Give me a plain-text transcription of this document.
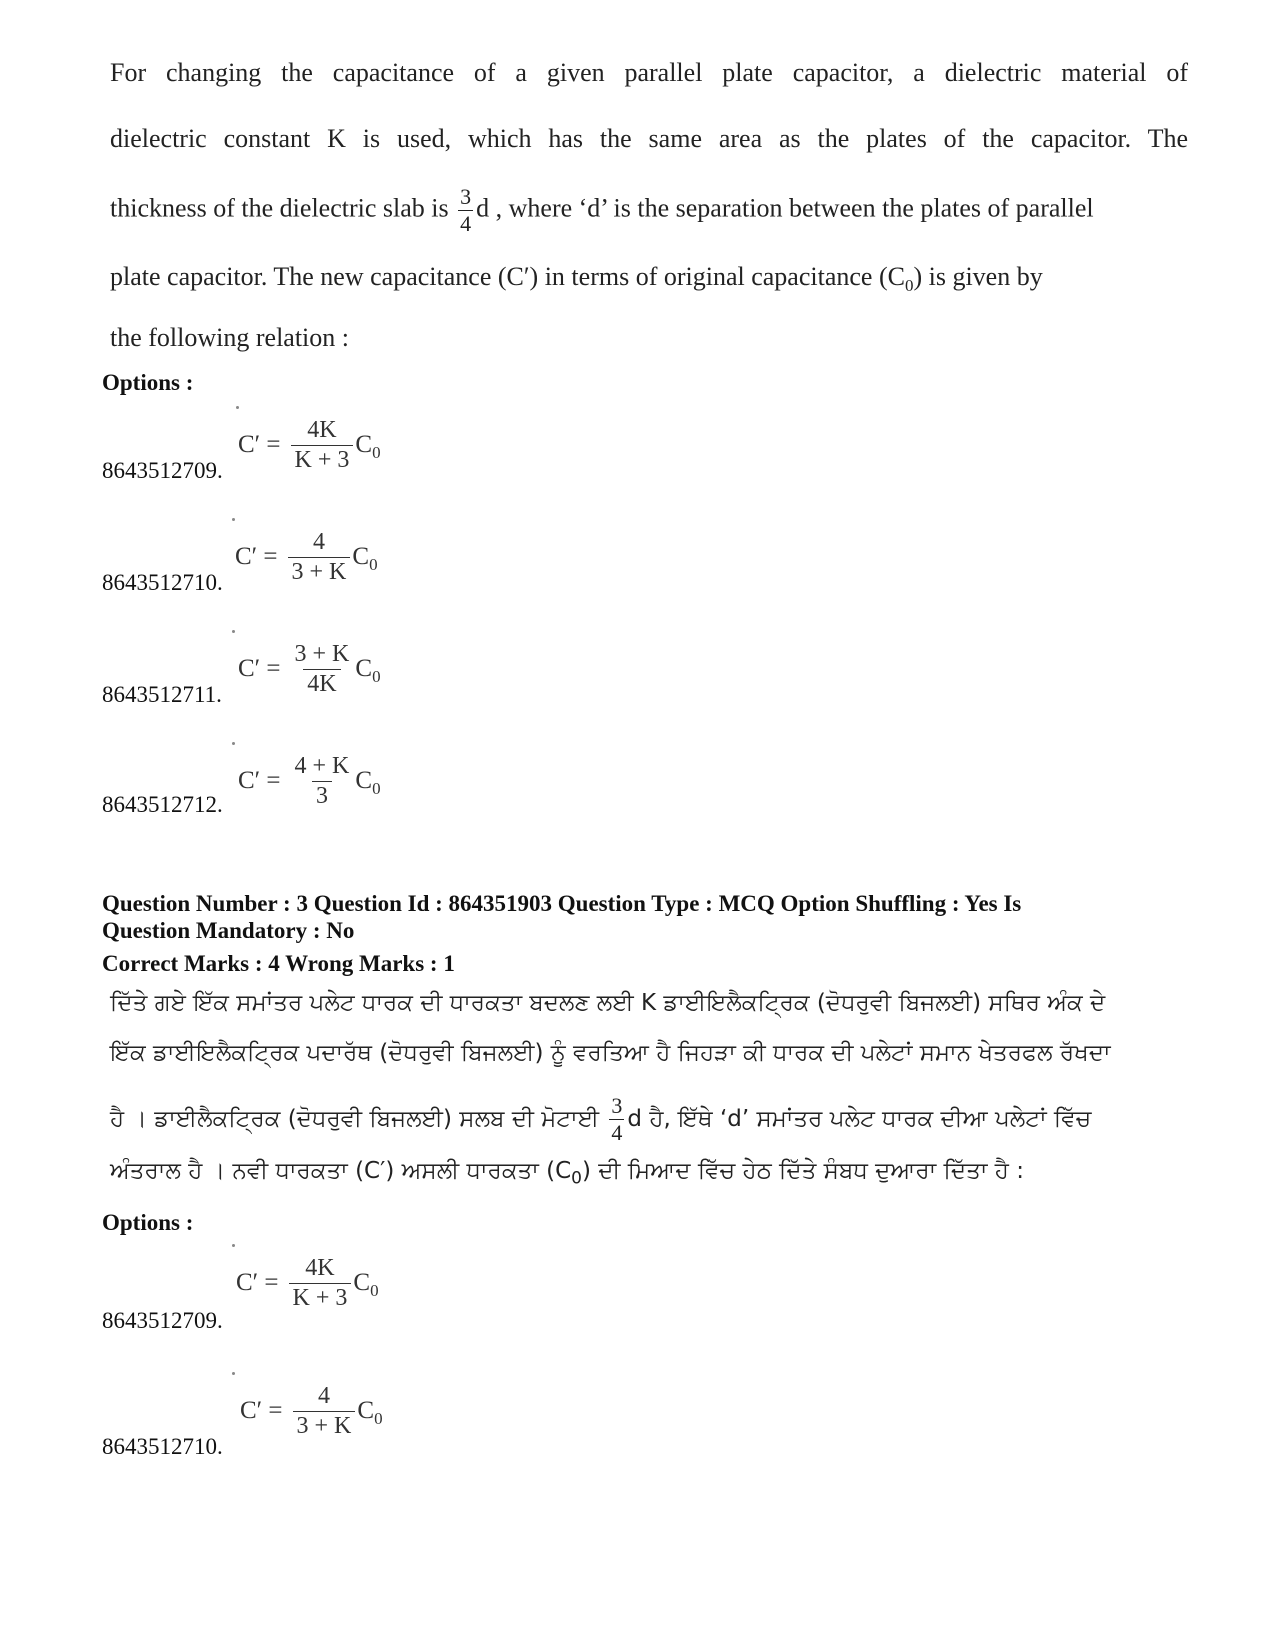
For changing the capacitance of a given parallel plate capacitor, a dielectric material of
dielectric constant K is used, which has the same area as the plates of the capacitor. The
thickness of the dielectric slab is $\frac{3}{4}$ d , where ‘d’ is the separation between the plates of parallel
plate capacitor. The new capacitance (C′) in terms of original capacitance $(C_0)$ is given by
the following relation :
Options :
$C' = \frac{4K}{K + 3} C_0$
8643512709.
$C' = \frac{4}{3 + K} C_0$
8643512710.
$C' = \frac{3 + K}{4K} C_0$
8643512711.
$C' = \frac{4 + K}{3} C_0$
8643512712.
Question Number : 3 Question Id : 864351903 Question Type : MCQ Option Shuffling : Yes Is
Question Mandatory : No
Correct Marks : 4 Wrong Marks : 1
ਦਿੱਤੇ ਗਏ ਇੱਕ ਸਮਾਂਤਰ ਪਲੇਟ ਧਾਰਕ ਦੀ ਧਾਰਕਤਾ ਬਦਲਣ ਲਈ K ਡਾਈਇਲੈਕਟ੍ਰਿਕ (ਦੋਧਰੁਵੀ ਬਿਜਲਈ) ਸਥਿਰ ਅੰਕ ਦੇ
ਇੱਕ ਡਾਈਇਲੈਕਟ੍ਰਿਕ ਪਦਾਰੱਥ (ਦੋਧਰੁਵੀ ਬਿਜਲਈ) ਨੂੰ ਵਰਤਿਆ ਹੈ ਜਿਹੜਾ ਕੀ ਧਾਰਕ ਦੀ ਪਲੇਟਾਂ ਸਮਾਨ ਖੇਤਰਫਲ ਰੱਖਦਾ
ਹੈ । ਡਾਈਲੈਕਟ੍ਰਿਕ (ਦੋਧਰੁਵੀ ਬਿਜਲਈ) ਸਲਬ ਦੀ ਮੋਟਾਈ $\frac{3}{4}$ d ਹੈ, ਇੱਥੇ ‘d’ ਸਮਾਂਤਰ ਪਲੇਟ ਧਾਰਕ ਦੀਆ ਪਲੇਟਾਂ ਵਿੱਚ
ਅੰਤਰਾਲ ਹੈ । ਨਵੀ ਧਾਰਕਤਾ (C′) ਅਸਲੀ ਧਾਰਕਤਾ $(C_0)$ ਦੀ ਮਿਆਦ ਵਿੱਚ ਹੇਠ ਦਿੱਤੇ ਸੰਬਧ ਦੁਆਰਾ ਦਿੱਤਾ ਹੈ :
Options :
$C' = \frac{4K}{K + 3} C_0$
8643512709.
$C' = \frac{4}{3 + K} C_0$
8643512710.
